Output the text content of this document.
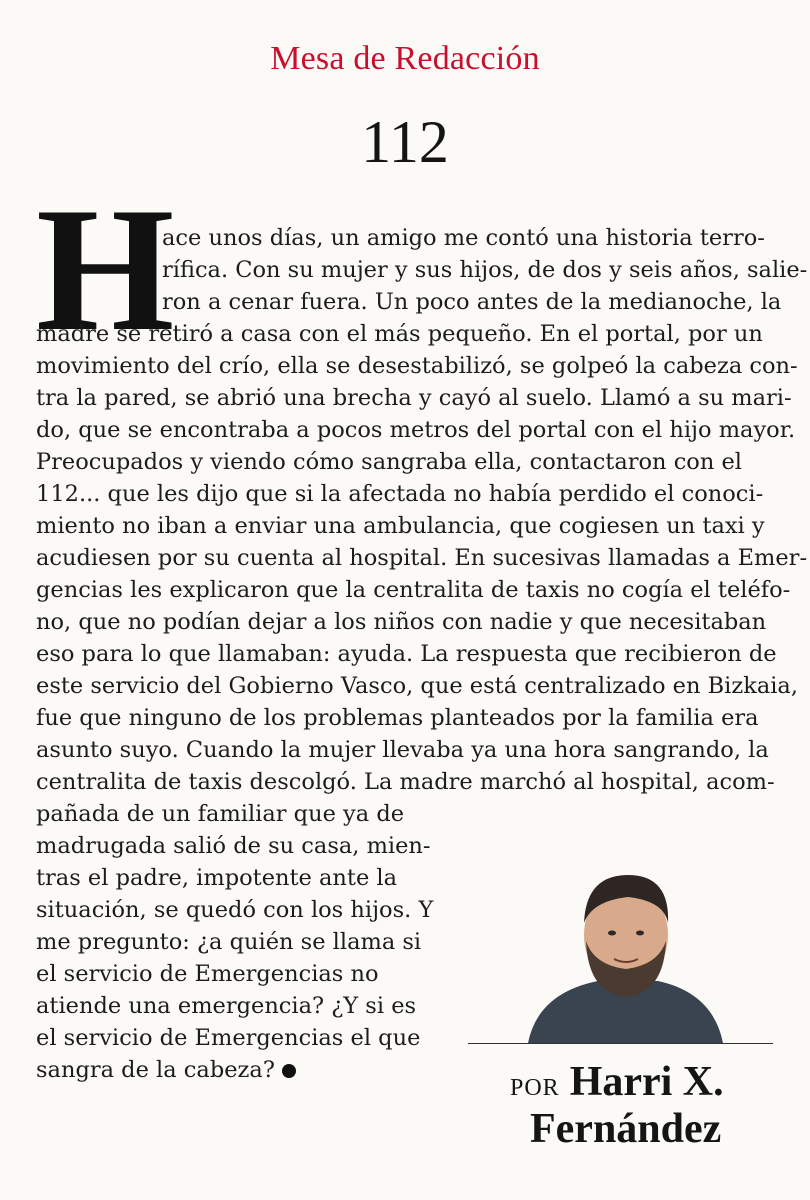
Mesa de Redacción
112
H
ace unos días, un amigo me contó una historia terro-
rífica. Con su mujer y sus hijos, de dos y seis años, salie-
ron a cenar fuera. Un poco antes de la medianoche, la
madre se retiró a casa con el más pequeño. En el portal, por un
movimiento del crío, ella se desestabilizó, se golpeó la cabeza con-
tra la pared, se abrió una brecha y cayó al suelo. Llamó a su mari-
do, que se encontraba a pocos metros del portal con el hijo mayor.
Preocupados y viendo cómo sangraba ella, contactaron con el
112... que les dijo que si la afectada no había perdido el conoci-
miento no iban a enviar una ambulancia, que cogiesen un taxi y
acudiesen por su cuenta al hospital. En sucesivas llamadas a Emer-
gencias les explicaron que la centralita de taxis no cogía el teléfo-
no, que no podían dejar a los niños con nadie y que necesitaban
eso para lo que llamaban: ayuda. La respuesta que recibieron de
este servicio del Gobierno Vasco, que está centralizado en Bizkaia,
fue que ninguno de los problemas planteados por la familia era
asunto suyo. Cuando la mujer llevaba ya una hora sangrando, la
centralita de taxis descolgó. La madre marchó al hospital, acom-
pañada de un familiar que ya de
madrugada salió de su casa, mien-
tras el padre, impotente ante la
situación, se quedó con los hijos. Y
me pregunto: ¿a quién se llama si
el servicio de Emergencias no
atiende una emergencia? ¿Y si es
el servicio de Emergencias el que
sangra de la cabeza?
POR Harri X.
Fernández
